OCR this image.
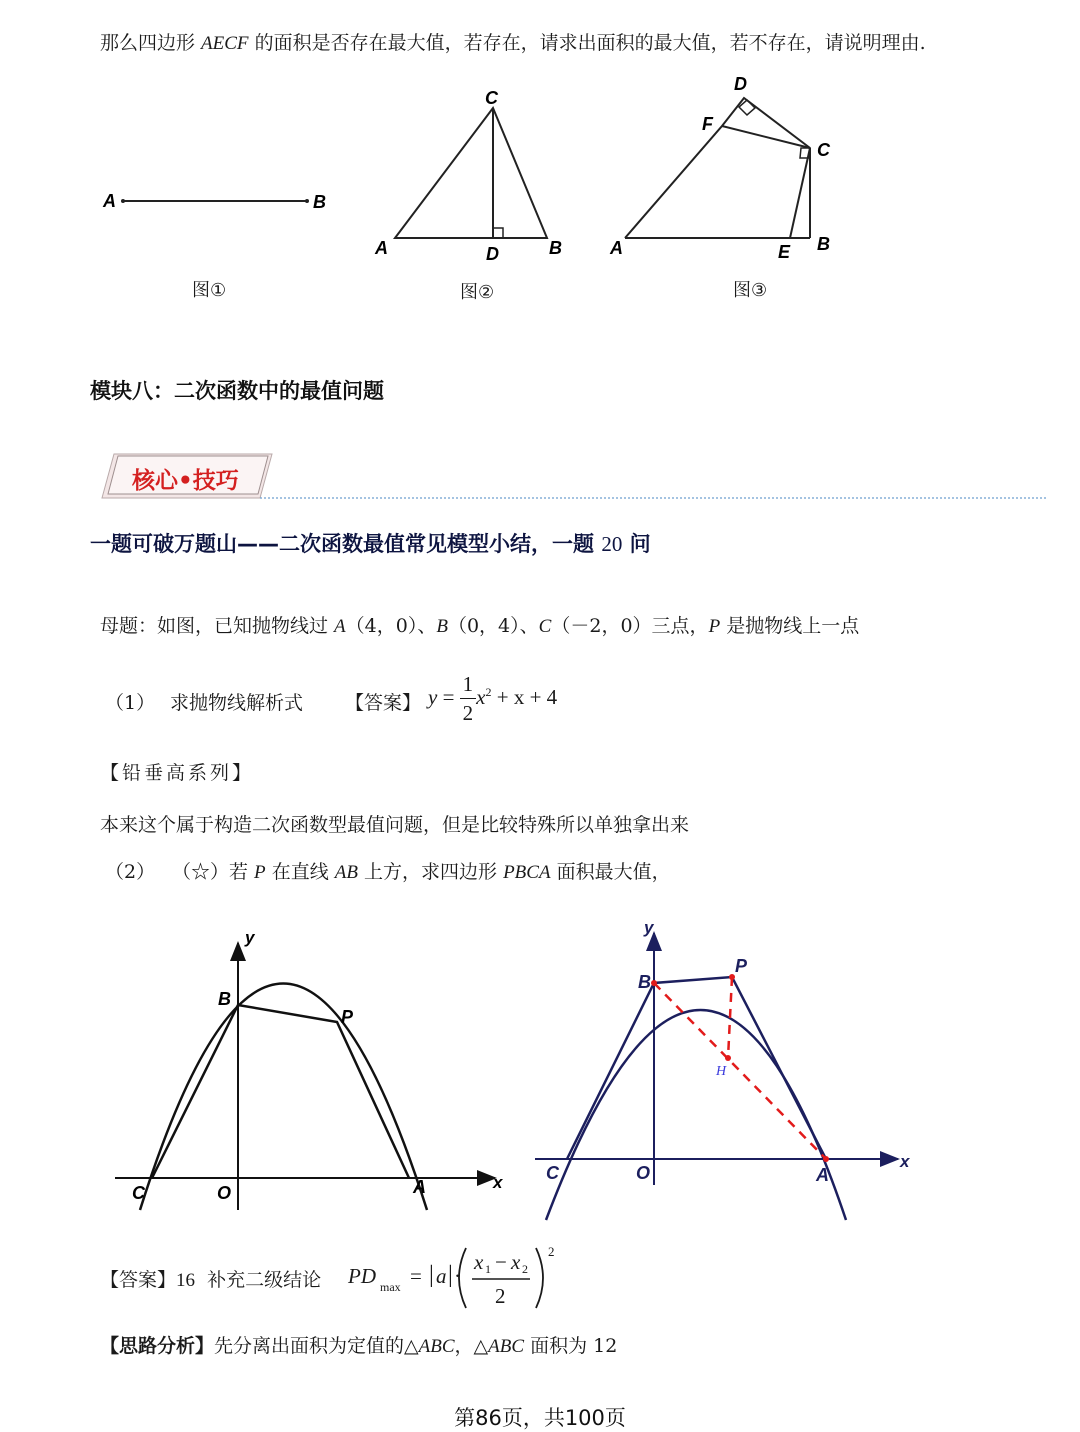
那么四边形 AECF 的面积是否存在最大值，若存在，请求出面积的最大值，若不存在，请说明理由.
A	B
图①
A	B
C
D
图②
A	B
C
D
E
F
图③
模块八：二次函数中的最值问题
核心•技巧
一题可破万题山——二次函数最值常见模型小结，一题 20 问
母题：如图，已知抛物线过 A（4，0）、B（0，4）、C（－2，0）三点，P 是抛物线上一点
（1） 求抛物线解析式 【答案】 $y = \frac{1}{2} x^2 + x + 4$
【铅垂高系列】
本来这个属于构造二次函数型最值问题，但是比较特殊所以单独拿出来
（2） （☆）若 P 在直线 AB 上方，求四边形 PBCA 面积最大值，
y
x
B
P
C	O	A
y
x
B
P
H
C	O	A
【答案】16 补充二级结论 PD max = | a | ·
x 1 − x 2
2
2
【思路分析】先分离出面积为定值的△ABC，△ABC 面积为 12
第86页，共100页
